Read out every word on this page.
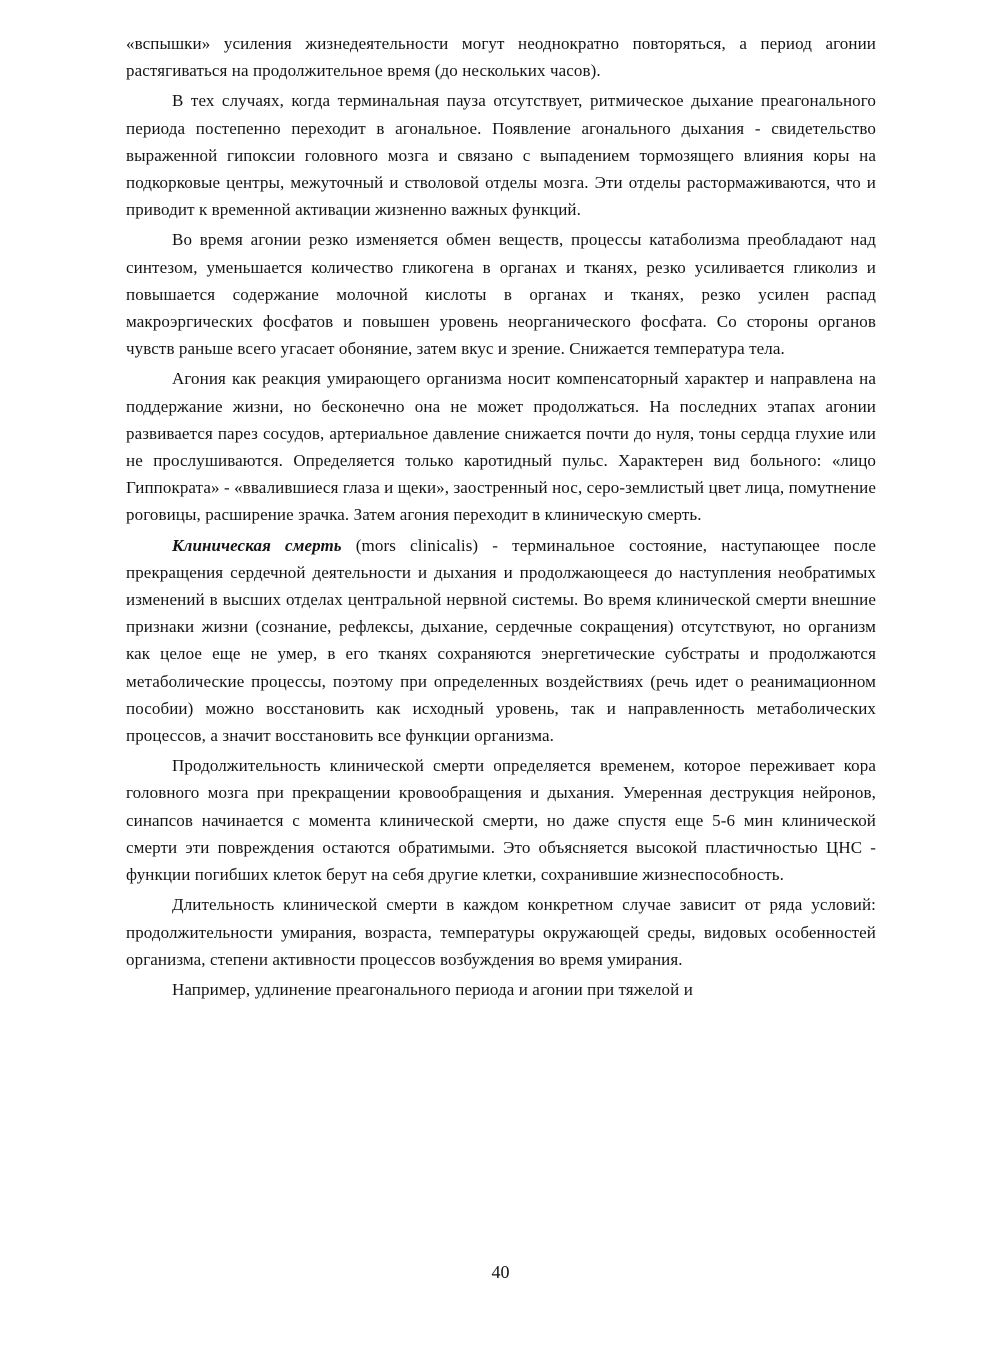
«вспышки» усиления жизнедеятельности могут неоднократно повторяться, а период агонии растягиваться на продолжительное время (до нескольких часов).

В тех случаях, когда терминальная пауза отсутствует, ритмическое дыхание преагонального периода постепенно переходит в агональное. Появление агонального дыхания - свидетельство выраженной гипоксии головного мозга и связано с выпадением тормозящего влияния коры на подкорковые центры, межуточный и стволовой отделы мозга. Эти отделы растормаживаются, что и приводит к временной активации жизненно важных функций.

Во время агонии резко изменяется обмен веществ, процессы катаболизма преобладают над синтезом, уменьшается количество гликогена в органах и тканях, резко усиливается гликолиз и повышается содержание молочной кислоты в органах и тканях, резко усилен распад макроэргических фосфатов и повышен уровень неорганического фосфата. Со стороны органов чувств раньше всего угасает обоняние, затем вкус и зрение. Снижается температура тела.

Агония как реакция умирающего организма носит компенсаторный характер и направлена на поддержание жизни, но бесконечно она не может продолжаться. На последних этапах агонии развивается парез сосудов, артериальное давление снижается почти до нуля, тоны сердца глухие или не прослушиваются. Определяется только каротидный пульс. Характерен вид больного: «лицо Гиппократа» - «ввалившиеся глаза и щеки», заостренный нос, серо-землистый цвет лица, помутнение роговицы, расширение зрачка. Затем агония переходит в клиническую смерть.

Клиническая смерть (mors clinicalis) - терминальное состояние, наступающее после прекращения сердечной деятельности и дыхания и продолжающееся до наступления необратимых изменений в высших отделах центральной нервной системы. Во время клинической смерти внешние признаки жизни (сознание, рефлексы, дыхание, сердечные сокращения) отсутствуют, но организм как целое еще не умер, в его тканях сохраняются энергетические субстраты и продолжаются метаболические процессы, поэтому при определенных воздействиях (речь идет о реанимационном пособии) можно восстановить как исходный уровень, так и направленность метаболических процессов, а значит восстановить все функции организма.

Продолжительность клинической смерти определяется временем, которое переживает кора головного мозга при прекращении кровообращения и дыхания. Умеренная деструкция нейронов, синапсов начинается с момента клинической смерти, но даже спустя еще 5-6 мин клинической смерти эти повреждения остаются обратимыми. Это объясняется высокой пластичностью ЦНС - функции погибших клеток берут на себя другие клетки, сохранившие жизнеспособность.

Длительность клинической смерти в каждом конкретном случае зависит от ряда условий: продолжительности умирания, возраста, температуры окружающей среды, видовых особенностей организма, степени активности процессов возбуждения во время умирания.

Например, удлинение преагонального периода и агонии при тяжелой и

40
